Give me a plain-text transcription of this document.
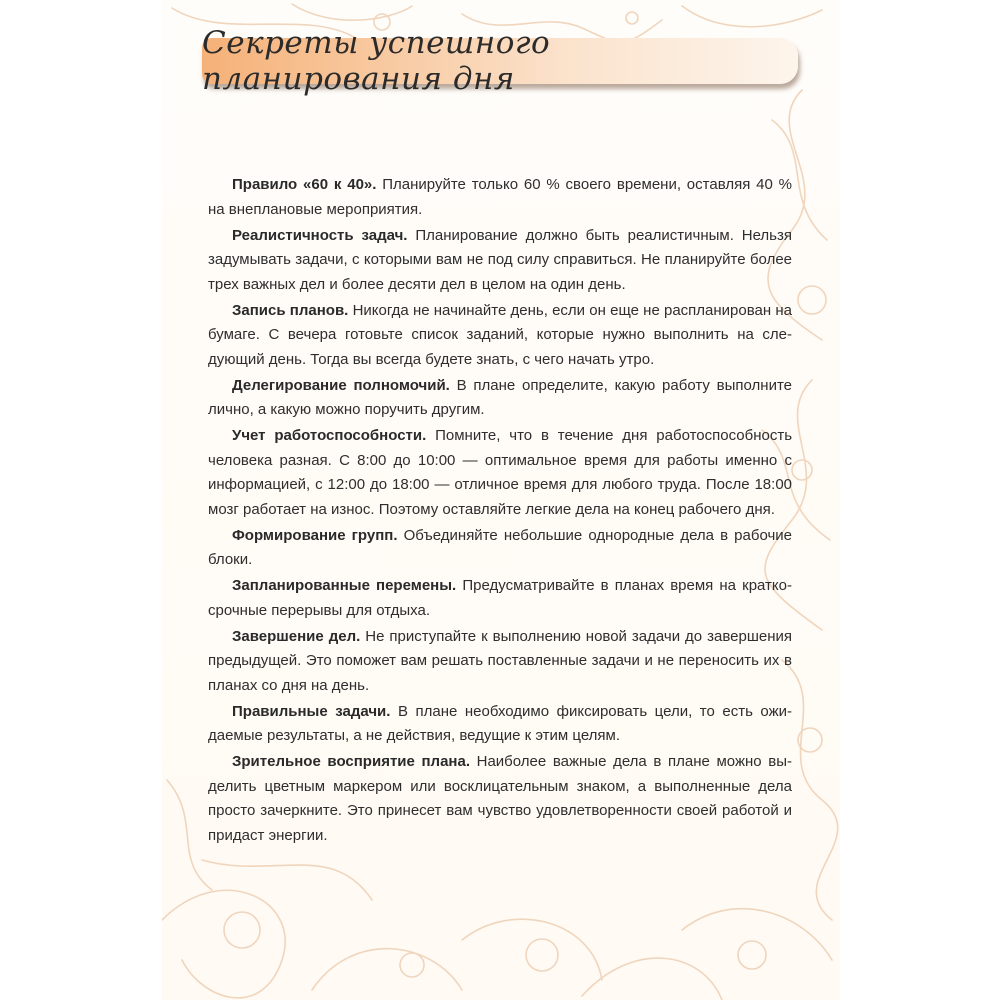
Секреты успешного планирования дня

Правило «60 к 40». Планируйте только 60 % своего времени, оставляя 40 % на внеплановые мероприятия.

Реалистичность задач. Планирование должно быть реалистичным. Нельзя задумывать задачи, с которыми вам не под силу справиться. Не планируйте более трех важных дел и более десяти дел в целом на один день.

Запись планов. Никогда не начинайте день, если он еще не распланирован на бумаге. С вечера готовьте список заданий, которые нужно выполнить на следующий день. Тогда вы всегда будете знать, с чего начать утро.

Делегирование полномочий. В плане определите, какую работу выполните лично, а какую можно поручить другим.

Учет работоспособности. Помните, что в течение дня работоспособность человека разная. С 8:00 до 10:00 — оптимальное время для работы именно с информацией, с 12:00 до 18:00 — отличное время для любого труда. После 18:00 мозг работает на износ. Поэтому оставляйте легкие дела на конец рабочего дня.

Формирование групп. Объединяйте небольшие однородные дела в рабочие блоки.

Запланированные перемены. Предусматривайте в планах время на краткосрочные перерывы для отдыха.

Завершение дел. Не приступайте к выполнению новой задачи до завершения предыдущей. Это поможет вам решать поставленные задачи и не переносить их в планах со дня на день.

Правильные задачи. В плане необходимо фиксировать цели, то есть ожидаемые результаты, а не действия, ведущие к этим целям.

Зрительное восприятие плана. Наиболее важные дела в плане можно выделить цветным маркером или восклицательным знаком, а выполненные дела просто зачеркните. Это принесет вам чувство удовлетворенности своей работой и придаст энергии.
